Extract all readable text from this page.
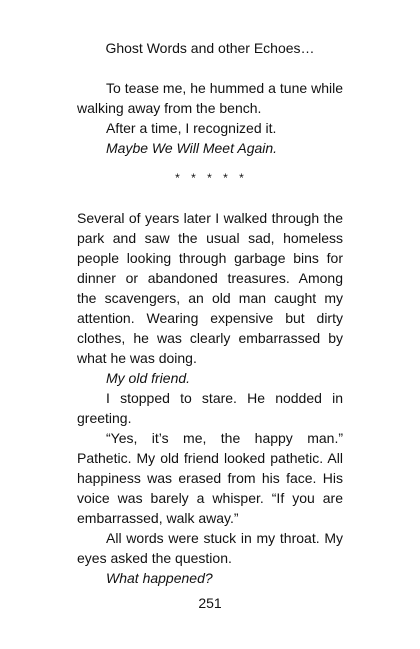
Ghost Words and other Echoes…

To tease me, he hummed a tune while walking away from the bench.

After a time, I recognized it.

Maybe We Will Meet Again.

* * * * *

Several of years later I walked through the park and saw the usual sad, homeless people looking through garbage bins for dinner or abandoned treasures. Among the scavengers, an old man caught my attention. Wearing expensive but dirty clothes, he was clearly embarrassed by what he was doing.

My old friend.

I stopped to stare. He nodded in greeting.

“Yes, it’s me, the happy man.” Pathetic. My old friend looked pathetic. All happiness was erased from his face. His voice was barely a whisper. “If you are embarrassed, walk away.”

All words were stuck in my throat. My eyes asked the question.

What happened?

251
